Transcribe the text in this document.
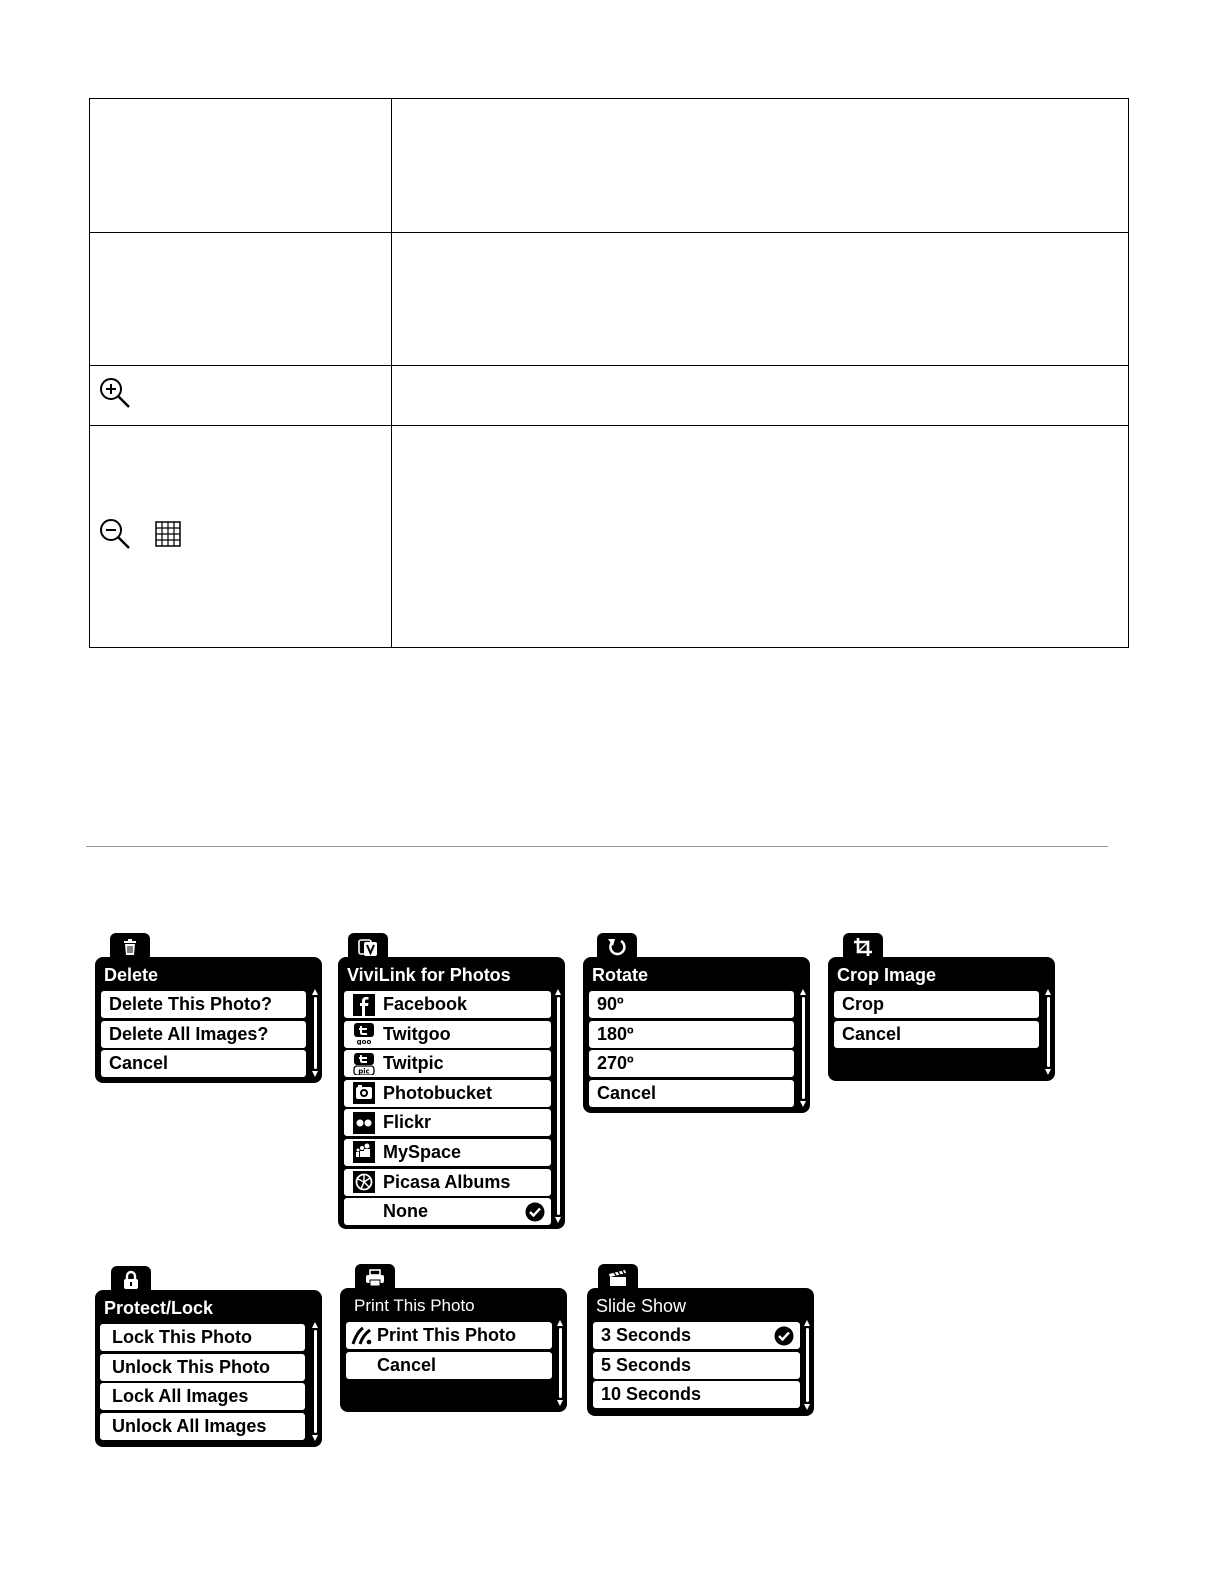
Delete
Delete This Photo?
Delete All Images?
Cancel
ViviLink for Photos
Facebook
goo Twitgoo
pic Twitpic
Photobucket
Flickr
MySpace
Picasa Albums
None
Rotate
90º
180º
270º
Cancel
Crop Image
Crop
Cancel
Protect/Lock
Lock This Photo
Unlock This Photo
Lock All Images
Unlock All Images
Print This Photo
Print This Photo
Cancel
Slide Show
3 Seconds
5 Seconds
10 Seconds
